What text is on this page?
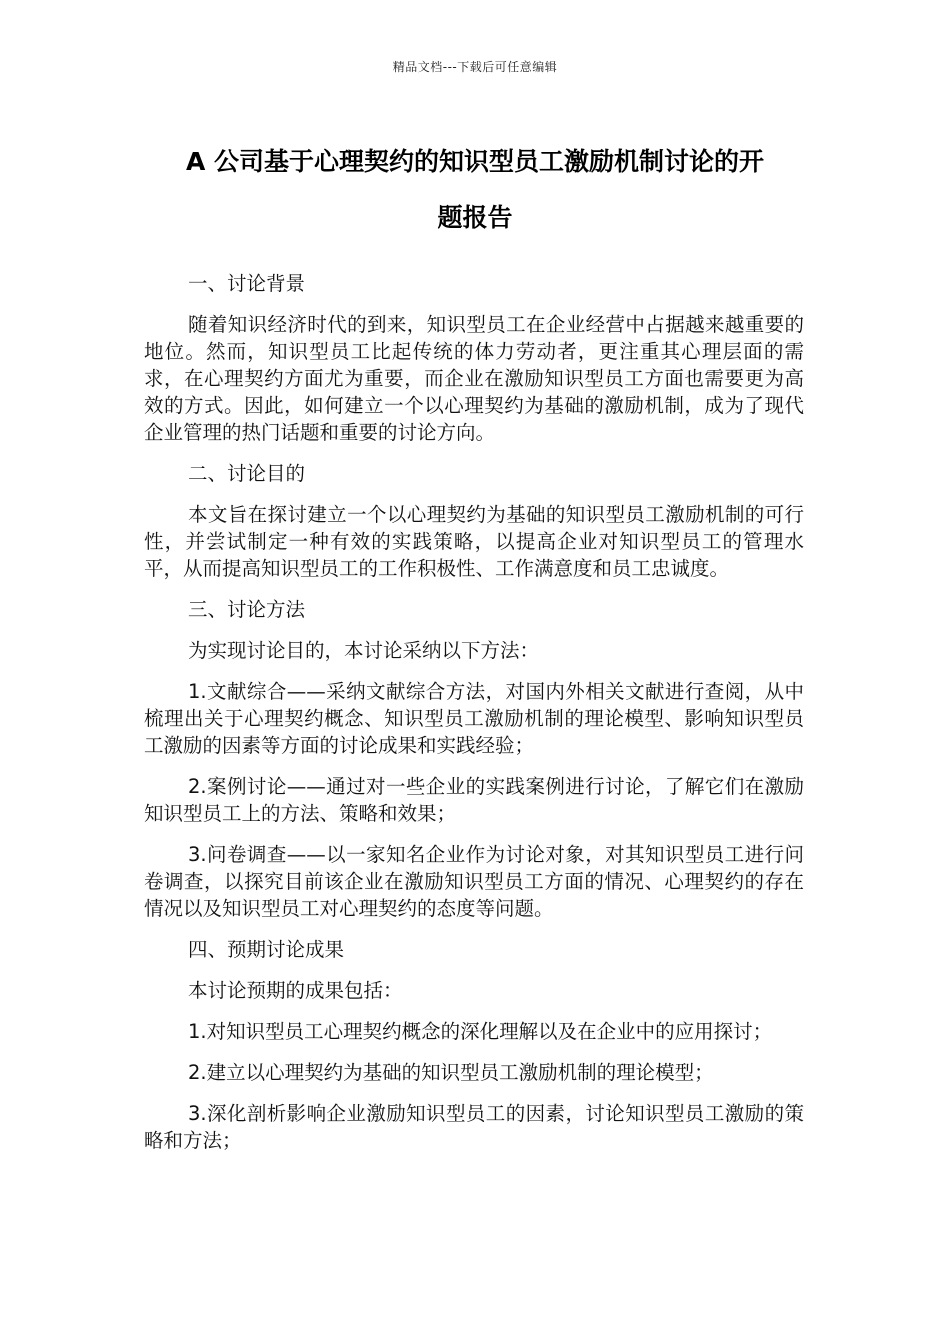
精品文档---下载后可任意编辑
A 公司基于心理契约的知识型员工激励机制讨论的开
题报告

一、讨论背景

随着知识经济时代的到来，知识型员工在企业经营中占据越来越重要的地位。然而，知识型员工比起传统的体力劳动者，更注重其心理层面的需求，在心理契约方面尤为重要，而企业在激励知识型员工方面也需要更为高效的方式。因此，如何建立一个以心理契约为基础的激励机制，成为了现代企业管理的热门话题和重要的讨论方向。

二、讨论目的

本文旨在探讨建立一个以心理契约为基础的知识型员工激励机制的可行性，并尝试制定一种有效的实践策略，以提高企业对知识型员工的管理水平，从而提高知识型员工的工作积极性、工作满意度和员工忠诚度。

三、讨论方法

为实现讨论目的，本讨论采纳以下方法：

1.文献综合——采纳文献综合方法，对国内外相关文献进行查阅，从中梳理出关于心理契约概念、知识型员工激励机制的理论模型、影响知识型员工激励的因素等方面的讨论成果和实践经验；

2.案例讨论——通过对一些企业的实践案例进行讨论，了解它们在激励知识型员工上的方法、策略和效果；

3.问卷调查——以一家知名企业作为讨论对象，对其知识型员工进行问卷调查，以探究目前该企业在激励知识型员工方面的情况、心理契约的存在情况以及知识型员工对心理契约的态度等问题。

四、预期讨论成果

本讨论预期的成果包括：

1.对知识型员工心理契约概念的深化理解以及在企业中的应用探讨；

2.建立以心理契约为基础的知识型员工激励机制的理论模型；

3.深化剖析影响企业激励知识型员工的因素，讨论知识型员工激励的策略和方法；
